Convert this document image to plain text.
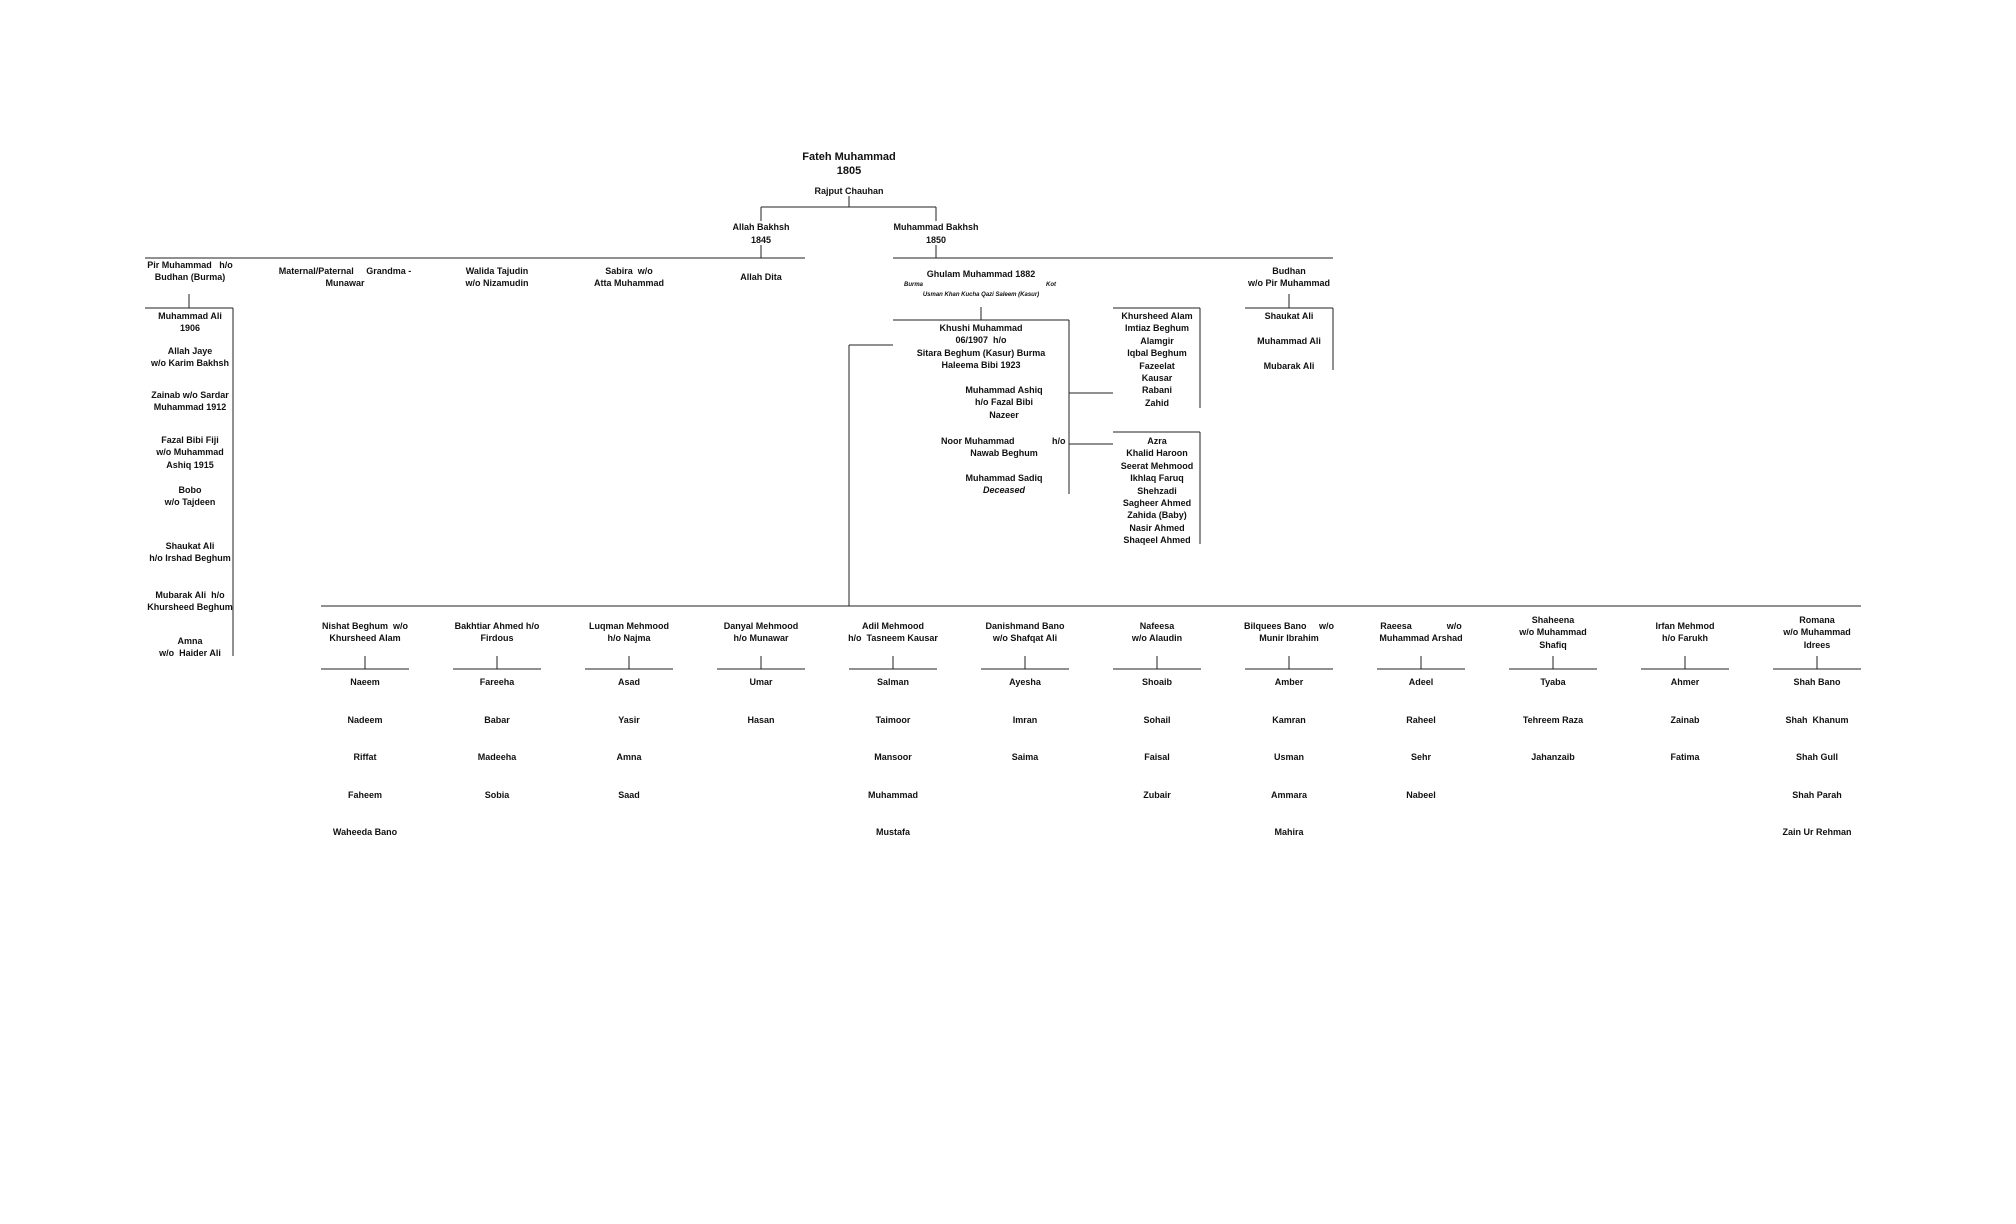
Fateh Muhammad
1805
Rajput Chauhan
Allah Bakhsh
1845
Muhammad Bakhsh
1850
Pir Muhammad   h/o
Budhan (Burma)
Maternal/Paternal     Grandma -
Munawar
Walida Tajudin
w/o Nizamudin
Sabira  w/o
Atta Muhammad
Allah Dita
Budhan
w/o Pir Muhammad
Ghulam Muhammad 1882
Burma	Kot
Usman Khan Kucha Qazi Saleem (Kasur)
Khushi Muhammad
06/1907  h/o
Sitara Beghum (Kasur) Burma
Haleema Bibi 1923
Muhammad Ashiq
h/o Fazal Bibi
Nazeer
Noor Muhammad	h/o
Nawab Beghum
Muhammad Sadiq
Deceased
Khursheed Alam
Imtiaz Beghum
Alamgir
Iqbal Beghum
Fazeelat
Kausar
Rabani
Zahid
Azra
Khalid Haroon
Seerat Mehmood
Ikhlaq Faruq
Shehzadi
Sagheer Ahmed
Zahida (Baby)
Nasir Ahmed
Shaqeel Ahmed
Shaukat Ali
Muhammad Ali
Mubarak Ali
Muhammad Ali
1906
Allah Jaye
w/o Karim Bakhsh
Zainab w/o Sardar
Muhammad 1912
Fazal Bibi Fiji
w/o Muhammad
Ashiq 1915
Bobo
w/o Tajdeen
Shaukat Ali
h/o Irshad Beghum
Mubarak Ali  h/o
Khursheed Beghum
Amna
w/o  Haider Ali
Nishat Beghum  w/o
Khursheed Alam
Naeem
Nadeem
Riffat
Faheem
Waheeda Bano
Bakhtiar Ahmed h/o
Firdous
Fareeha
Babar
Madeeha
Sobia
Luqman Mehmood
h/o Najma
Asad
Yasir
Amna
Saad
Danyal Mehmood
h/o Munawar
Umar
Hasan
Adil Mehmood
h/o  Tasneem Kausar
Salman
Taimoor
Mansoor
Muhammad
Mustafa
Danishmand Bano
w/o Shafqat Ali
Ayesha
Imran
Saima
Nafeesa
w/o Alaudin
Shoaib
Sohail
Faisal
Zubair
Bilquees Bano     w/o
Munir Ibrahim
Amber
Kamran
Usman
Ammara
Mahira
Raeesa              w/o
Muhammad Arshad
Adeel
Raheel
Sehr
Nabeel
Shaheena
w/o Muhammad
Shafiq
Tyaba
Tehreem Raza
Jahanzaib
Irfan Mehmod
h/o Farukh
Ahmer
Zainab
Fatima
Romana
w/o Muhammad
Idrees
Shah Bano
Shah  Khanum
Shah Gull
Shah Parah
Zain Ur Rehman
